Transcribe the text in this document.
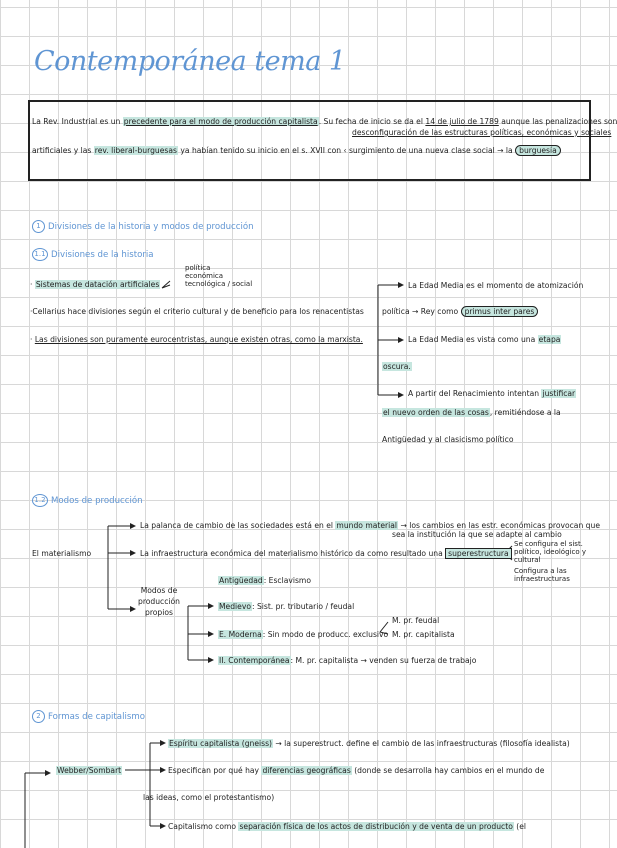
Contemporánea tema 1
La Rev. Industrial es un precedente para el modo de producción capitalista. Su fecha de inicio se da el 14 de julio de 1789 aunque las penalizaciones son
desconfiguración de las estructuras políticas, económicas y sociales
artificiales y las rev. liberal-burguesas ya habían tenido su inicio en el s. XVII con ‹ surgimiento de una nueva clase social → la burguesía
1 Divisiones de la historia y modos de producción
1.1 Divisiones de la historia
· Sistemas de datación artificiales
política
económica
tecnológica / social
·Cellarius hace divisiones según el criterio cultural y de beneficio para los renacentistas
· Las divisiones son puramente eurocentristas, aunque existen otras, como la marxista.
La Edad Media es el momento de atomización
política → Rey como primus inter pares
La Edad Media es vista como una etapa
oscura.
A partir del Renacimiento intentan justificar
el nuevo orden de las cosas, remitiéndose a la
Antigüedad y al clasicismo político
1.2 Modos de producción
El materialismo
La palanca de cambio de las sociedades está en el mundo material → los cambios en las estr. económicas provocan que
sea la institución la que se adapte al cambio
La infraestructura económica del materialismo histórico da como resultado una superestructura
Se configura el sist. político, ideológico y cultural
Configura a las infraestructuras
Modos de
producción
propios
Antigüedad: Esclavismo
Medievo: Sist. pr. tributario / feudal
E. Moderna: Sin modo de producc. exclusivo
M. pr. feudal
M. pr. capitalista
II. Contemporánea: M. pr. capitalista → venden su fuerza de trabajo
2 Formas de capitalismo
Webber/Sombart
Espíritu capitalista (gneiss) → la superestruct. define el cambio de las infraestructuras (filosofía idealista)
Especifican por qué hay diferencias geográficas (donde se desarrolla hay cambios en el mundo de
las ideas, como el protestantismo)
Capitalismo como separación física de los actos de distribución y de venta de un producto (el
